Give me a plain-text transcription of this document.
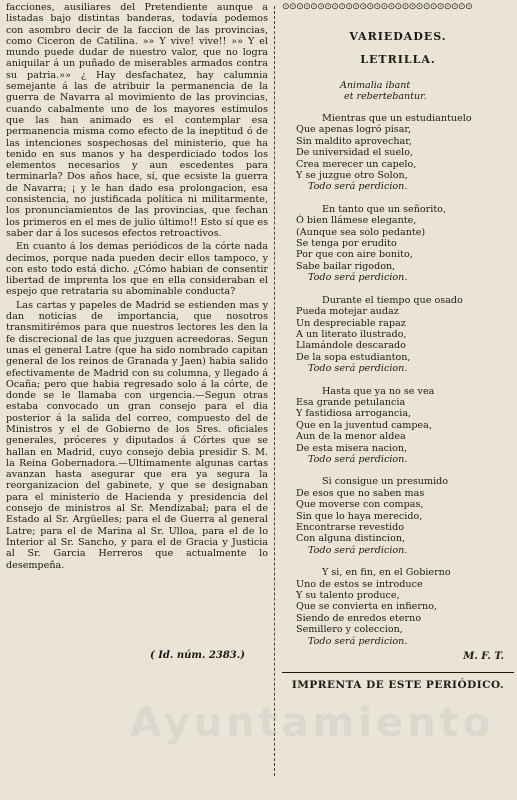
facciones, ausiliares del Pretendiente aunque a listadas bajo distintas banderas, todavía podemos con asombro decir de la faccion de las provincias, como Ciceron de Catilina. »» Y vive! vive!! »» Y el mundo puede dudar de nuestro valor, que no logra aniquilar á un puñado de miserables armados contra su patria.»» ¿ Hay desfachatez, hay calumnia semejante á las de atribuir la permanencia de la guerra de Navarra al movimiento de las provincias, cuando cabalmente uno de los mayores estímulos que las han animado es el contemplar esa permanencia misma como efecto de la ineptitud ó de las intenciones sospechosas del ministerio, que ha tenido en sus manos y ha desperdiciado todos los elementos necesarios y aun escedentes para terminarla? Dos años hace, sí, que ecsiste la guerra de Navarra; ¡ y le han dado esa prolongacion, esa consistencia, no justificada política ni militarmente, los pronunciamientos de las provincias, que fechan los primeros en el mes de julio último!! Esto sí que es saber dar á los sucesos efectos retroactivos.

En cuanto á los demas periódicos de la córte nada decimos, porque nada pueden decir ellos tampoco, y con esto todo está dicho. ¿Cómo habian de consentir libertad de imprenta los que en ella consideraban el espejo que retrataria su abominable conducta?

Las cartas y papeles de Madrid se estienden mas y dan noticias de importancia, que nosotros transmitirémos para que nuestros lectores les den la fe discrecional de las que juzguen acreedoras. Segun unas el general Latre (que ha sido nombrado capitan general de los reinos de Granada y Jaen) habia salido efectivamente de Madrid con su columna, y llegado á Ocaña; pero que habia regresado solo á la córte, de donde se le llamaba con urgencia.—Segun otras estaba convocado un gran consejo para el dia posterior á la salida del correo, compuesto del de Ministros y el de Gobierno de los Sres. oficiales generales, próceres y diputados á Córtes que se hallan en Madrid, cuyo consejo debia presidir S. M. la Reina Gobernadora.—Ultimamente algunas cartas avanzan hasta asegurar que era ya segura la reorganizacion del gabinete, y que se designaban para el ministerio de Hacienda y presidencia del consejo de ministros al Sr. Mendizabal; para el de Estado al Sr. Argüelles; para el de Guerra al general Latre; para el de Marina al Sr. Ulloa, para el de lo Interior al Sr. Sancho, y para el de Gracia y Justicia al Sr. Garcia Herreros que actualmente lo desempeña.

( Id. núm. 2383.)
⊙⊙⊙⊙⊙⊙⊙⊙⊙⊙⊙⊙⊙⊙⊙⊙⊙⊙⊙⊙⊙⊙⊙⊙⊙⊙⊙
VARIEDADES.
LETRILLA.
Animalia ibant
et rebertebantur.
Mientras que un estudiantuelo
Que apenas logró pisar,
Sin maldito aprovechar,
De universidad el suelo,
Crea merecer un capelo,
Y se juzgue otro Solon,
Todo será perdicion.
En tanto que un señorito,
Ó bien llámese elegante,
(Aunque sea solo pedante)
Se tenga por erudito
Por que con aire bonito,
Sabe bailar rigodon,
Todo será perdicion.
Durante el tiempo que osado
Pueda motejar audaz
Un despreciable rapaz
A un literato ilustrado,
Llamándole descarado
De la sopa estudianton,
Todo será perdicion.
Hasta que ya no se vea
Esa grande petulancia
Y fastidiosa arrogancia,
Que en la juventud campea,
Aun de la menor aldea
De esta misera nacion,
Todo será perdicion.
Si consigue un presumido
De esos que no saben mas
Que moverse con compas,
Sin que lo haya merecido,
Encontrarse revestido
Con alguna distincion,
Todo será perdicion.
Y si, en fin, en el Gobierno
Uno de estos se introduce
Y su talento produce,
Que se convierta en infierno,
Siendo de enredos eterno
Semillero y coleccion,
Todo será perdicion.
M. F. T.
IMPRENTA DE ESTE PERIÓDICO.
Ayuntamiento
